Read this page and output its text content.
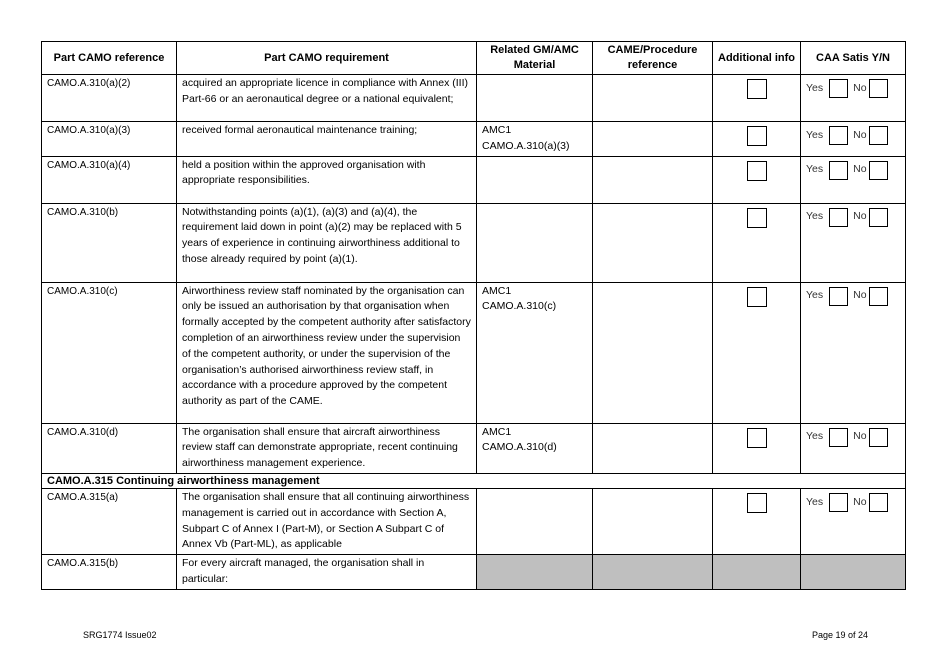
Part CAMO reference	Part CAMO requirement	Related GM/AMC Material	CAME/Procedure reference	Additional info	CAA Satis Y/N
CAMO.A.310(a)(2)	acquired an appropriate licence in compliance with Annex (III) Part-66 or an aeronautical degree or a national equivalent;				Yes No

CAMO.A.310(a)(3)	received formal aeronautical maintenance training;	AMC1 CAMO.A.310(a)(3)			Yes No

CAMO.A.310(a)(4)	held a position within the approved organisation with appropriate responsibilities.				Yes No

CAMO.A.310(b)	Notwithstanding points (a)(1), (a)(3) and (a)(4), the requirement laid down in point (a)(2) may be replaced with 5 years of experience in continuing airworthiness additional to those already required by point (a)(1).				Yes No

CAMO.A.310(c)	Airworthiness review staff nominated by the organisation can only be issued an authorisation by that organisation when formally accepted by the competent authority after satisfactory completion of an airworthiness review under the supervision of the competent authority, or under the supervision of the organisation’s authorised airworthiness review staff, in accordance with a procedure approved by the competent authority as part of the CAME.	AMC1 CAMO.A.310(c)			Yes No

CAMO.A.310(d)	The organisation shall ensure that aircraft airworthiness review staff can demonstrate appropriate, recent continuing airworthiness management experience.	AMC1 CAMO.A.310(d)			Yes No

CAMO.A.315 Continuing airworthiness management					
CAMO.A.315(a)	The organisation shall ensure that all continuing airworthiness management is carried out in accordance with Section A, Subpart C of Annex I (Part-M), or Section A Subpart C of Annex Vb (Part-ML), as applicable				Yes No

CAMO.A.315(b)	For every aircraft managed, the organisation shall in particular:				
SRG1774 Issue02	Page 19 of 24
